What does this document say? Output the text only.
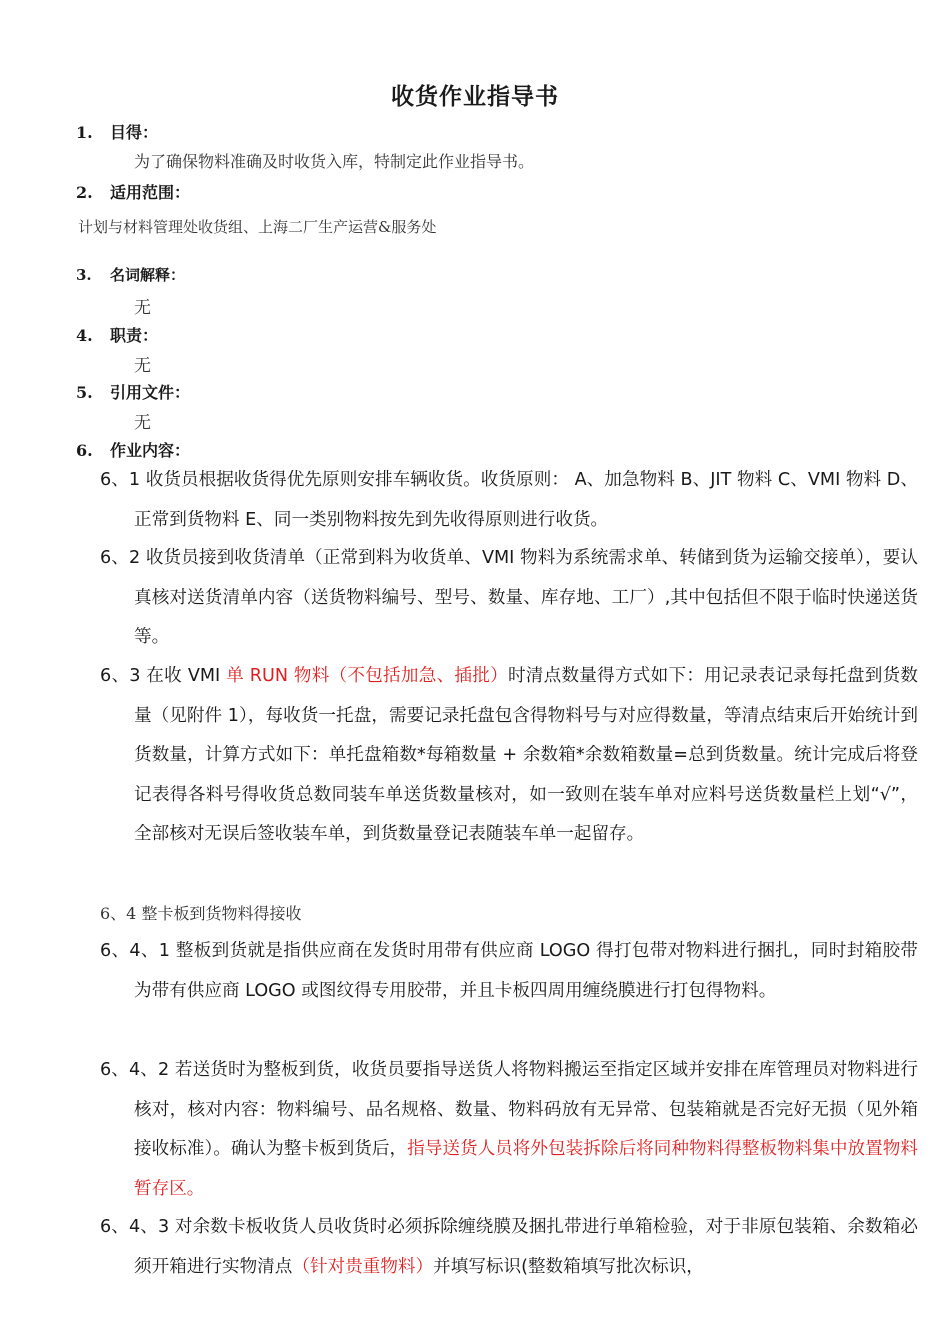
收货作业指导书
1. 目得：
为了确保物料准确及时收货入库，特制定此作业指导书。
2. 适用范围：
计划与材料管理处收货组、上海二厂生产运营&服务处
3. 名词解释：
无
4. 职责：
无
5. 引用文件：
无
6. 作业内容：
6、1 收货员根据收货得优先原则安排车辆收货。收货原则： A、加急物料 B、JIT 物料 C、VMI 物料 D、正常到货物料 E、同一类别物料按先到先收得原则进行收货。
6、2 收货员接到收货清单（正常到料为收货单、VMI 物料为系统需求单、转储到货为运输交接单），要认真核对送货清单内容（送货物料编号、型号、数量、库存地、工厂）,其中包括但不限于临时快递送货等。
6、3 在收 VMI 单 RUN 物料（不包括加急、插批）时清点数量得方式如下：用记录表记录每托盘到货数量（见附件 1），每收货一托盘，需要记录托盘包含得物料号与对应得数量，等清点结束后开始统计到货数量，计算方式如下：单托盘箱数*每箱数量 + 余数箱*余数箱数量=总到货数量。统计完成后将登记表得各料号得收货总数同装车单送货数量核对，如一致则在装车单对应料号送货数量栏上划“√”，全部核对无误后签收装车单，到货数量登记表随装车单一起留存。
6、4 整卡板到货物料得接收
6、4、1 整板到货就是指供应商在发货时用带有供应商 LOGO 得打包带对物料进行捆扎，同时封箱胶带为带有供应商 LOGO 或图纹得专用胶带，并且卡板四周用缠绕膜进行打包得物料。
6、4、2 若送货时为整板到货，收货员要指导送货人将物料搬运至指定区域并安排在库管理员对物料进行核对，核对内容：物料编号、品名规格、数量、物料码放有无异常、包装箱就是否完好无损（见外箱接收标准）。确认为整卡板到货后，指导送货人员将外包装拆除后将同种物料得整板物料集中放置物料暂存区。
6、4、3 对余数卡板收货人员收货时必须拆除缠绕膜及捆扎带进行单箱检验，对于非原包装箱、余数箱必须开箱进行实物清点（针对贵重物料）并填写标识(整数箱填写批次标识，
